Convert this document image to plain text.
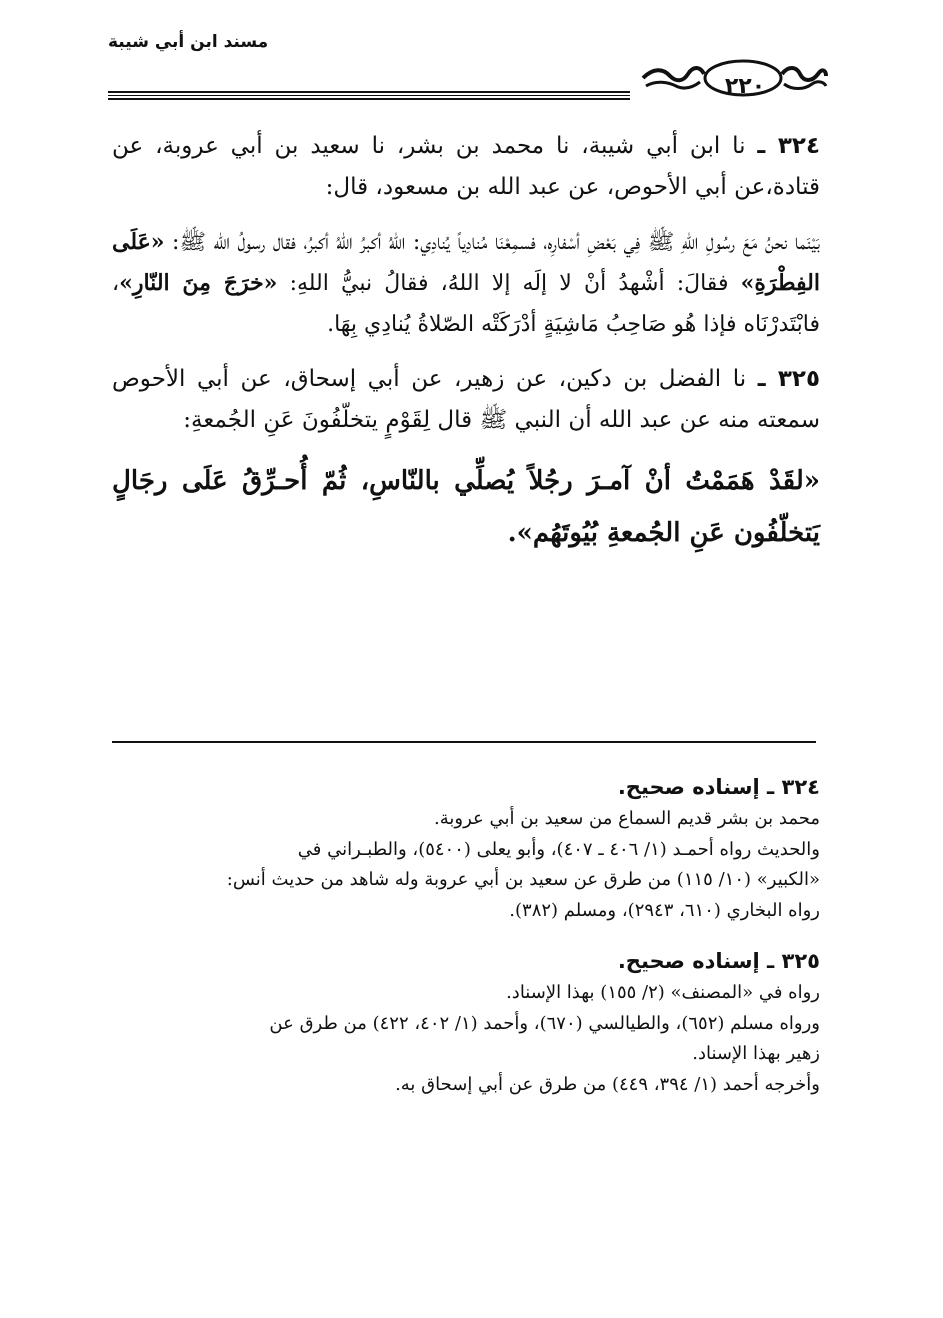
مسند ابن أبي شيبة
٢٢٠

٣٢٤ ـ نا ابن أبي شيبة، نا محمد بن بشر، نا سعيد بن أبي عروبة، عن قتادة،عن أبي الأحوص، عن عبد الله بن مسعود، قال:

بَيْنَما نحنُ مَعَ رسُولِ اللهِ ﷺ فِي بَعْضِ أسْفارِه، فسمِعْنَا مُنادِياً يُنادِي: اللهُ أكبرُ اللهُ أكبرُ، فقال رسولُ الله ﷺ: «عَلَى الفِطْرَةِ» فقالَ: أشْهدُ أنْ لا إلَه إلا اللهُ، فقالُ نبيُّ اللهِ: «خرَجَ مِنَ النّارِ»، فابْتَدرْنَاه فإذا هُو صَاحِبُ مَاشِيَةٍ أدْرَكَتْه الصّلاةُ يُنادِي بِهَا.

٣٢٥ ـ نا الفضل بن دكين، عن زهير، عن أبي إسحاق، عن أبي الأحوص سمعته منه عن عبد الله أن النبي ﷺ قال لِقَوْمٍ يتخلّفُونَ عَنِ الجُمعةِ:

«لقَدْ هَمَمْتُ أنْ آمـرَ رجُلاً يُصلِّي بالنّاسِ، ثُمّ أُحـرِّقُ عَلَى رجَالٍ يَتخلّفُون عَنِ الجُمعةِ بُيُوتَهُم».

٣٢٤ ـ إسناده صحيح.
محمد بن بشر قديم السماع من سعيد بن أبي عروبة.
والحديث رواه أحمـد (١/ ٤٠٦ ـ ٤٠٧)، وأبو يعلى (٥٤٠٠)، والطبـراني في
«الكبير» (١٠/ ١١٥) من طرق عن سعيد بن أبي عروبة وله شاهد من حديث أنس:
رواه البخاري (٦١٠، ٢٩٤٣)، ومسلم (٣٨٢).
٣٢٥ ـ إسناده صحيح.
رواه في «المصنف» (٢/ ١٥٥) بهذا الإسناد.
ورواه مسلم (٦٥٢)، والطيالسي (٦٧٠)، وأحمد (١/ ٤٠٢، ٤٢٢) من طرق عن
زهير بهذا الإسناد.
وأخرجه أحمد (١/ ٣٩٤، ٤٤٩) من طرق عن أبي إسحاق به.
